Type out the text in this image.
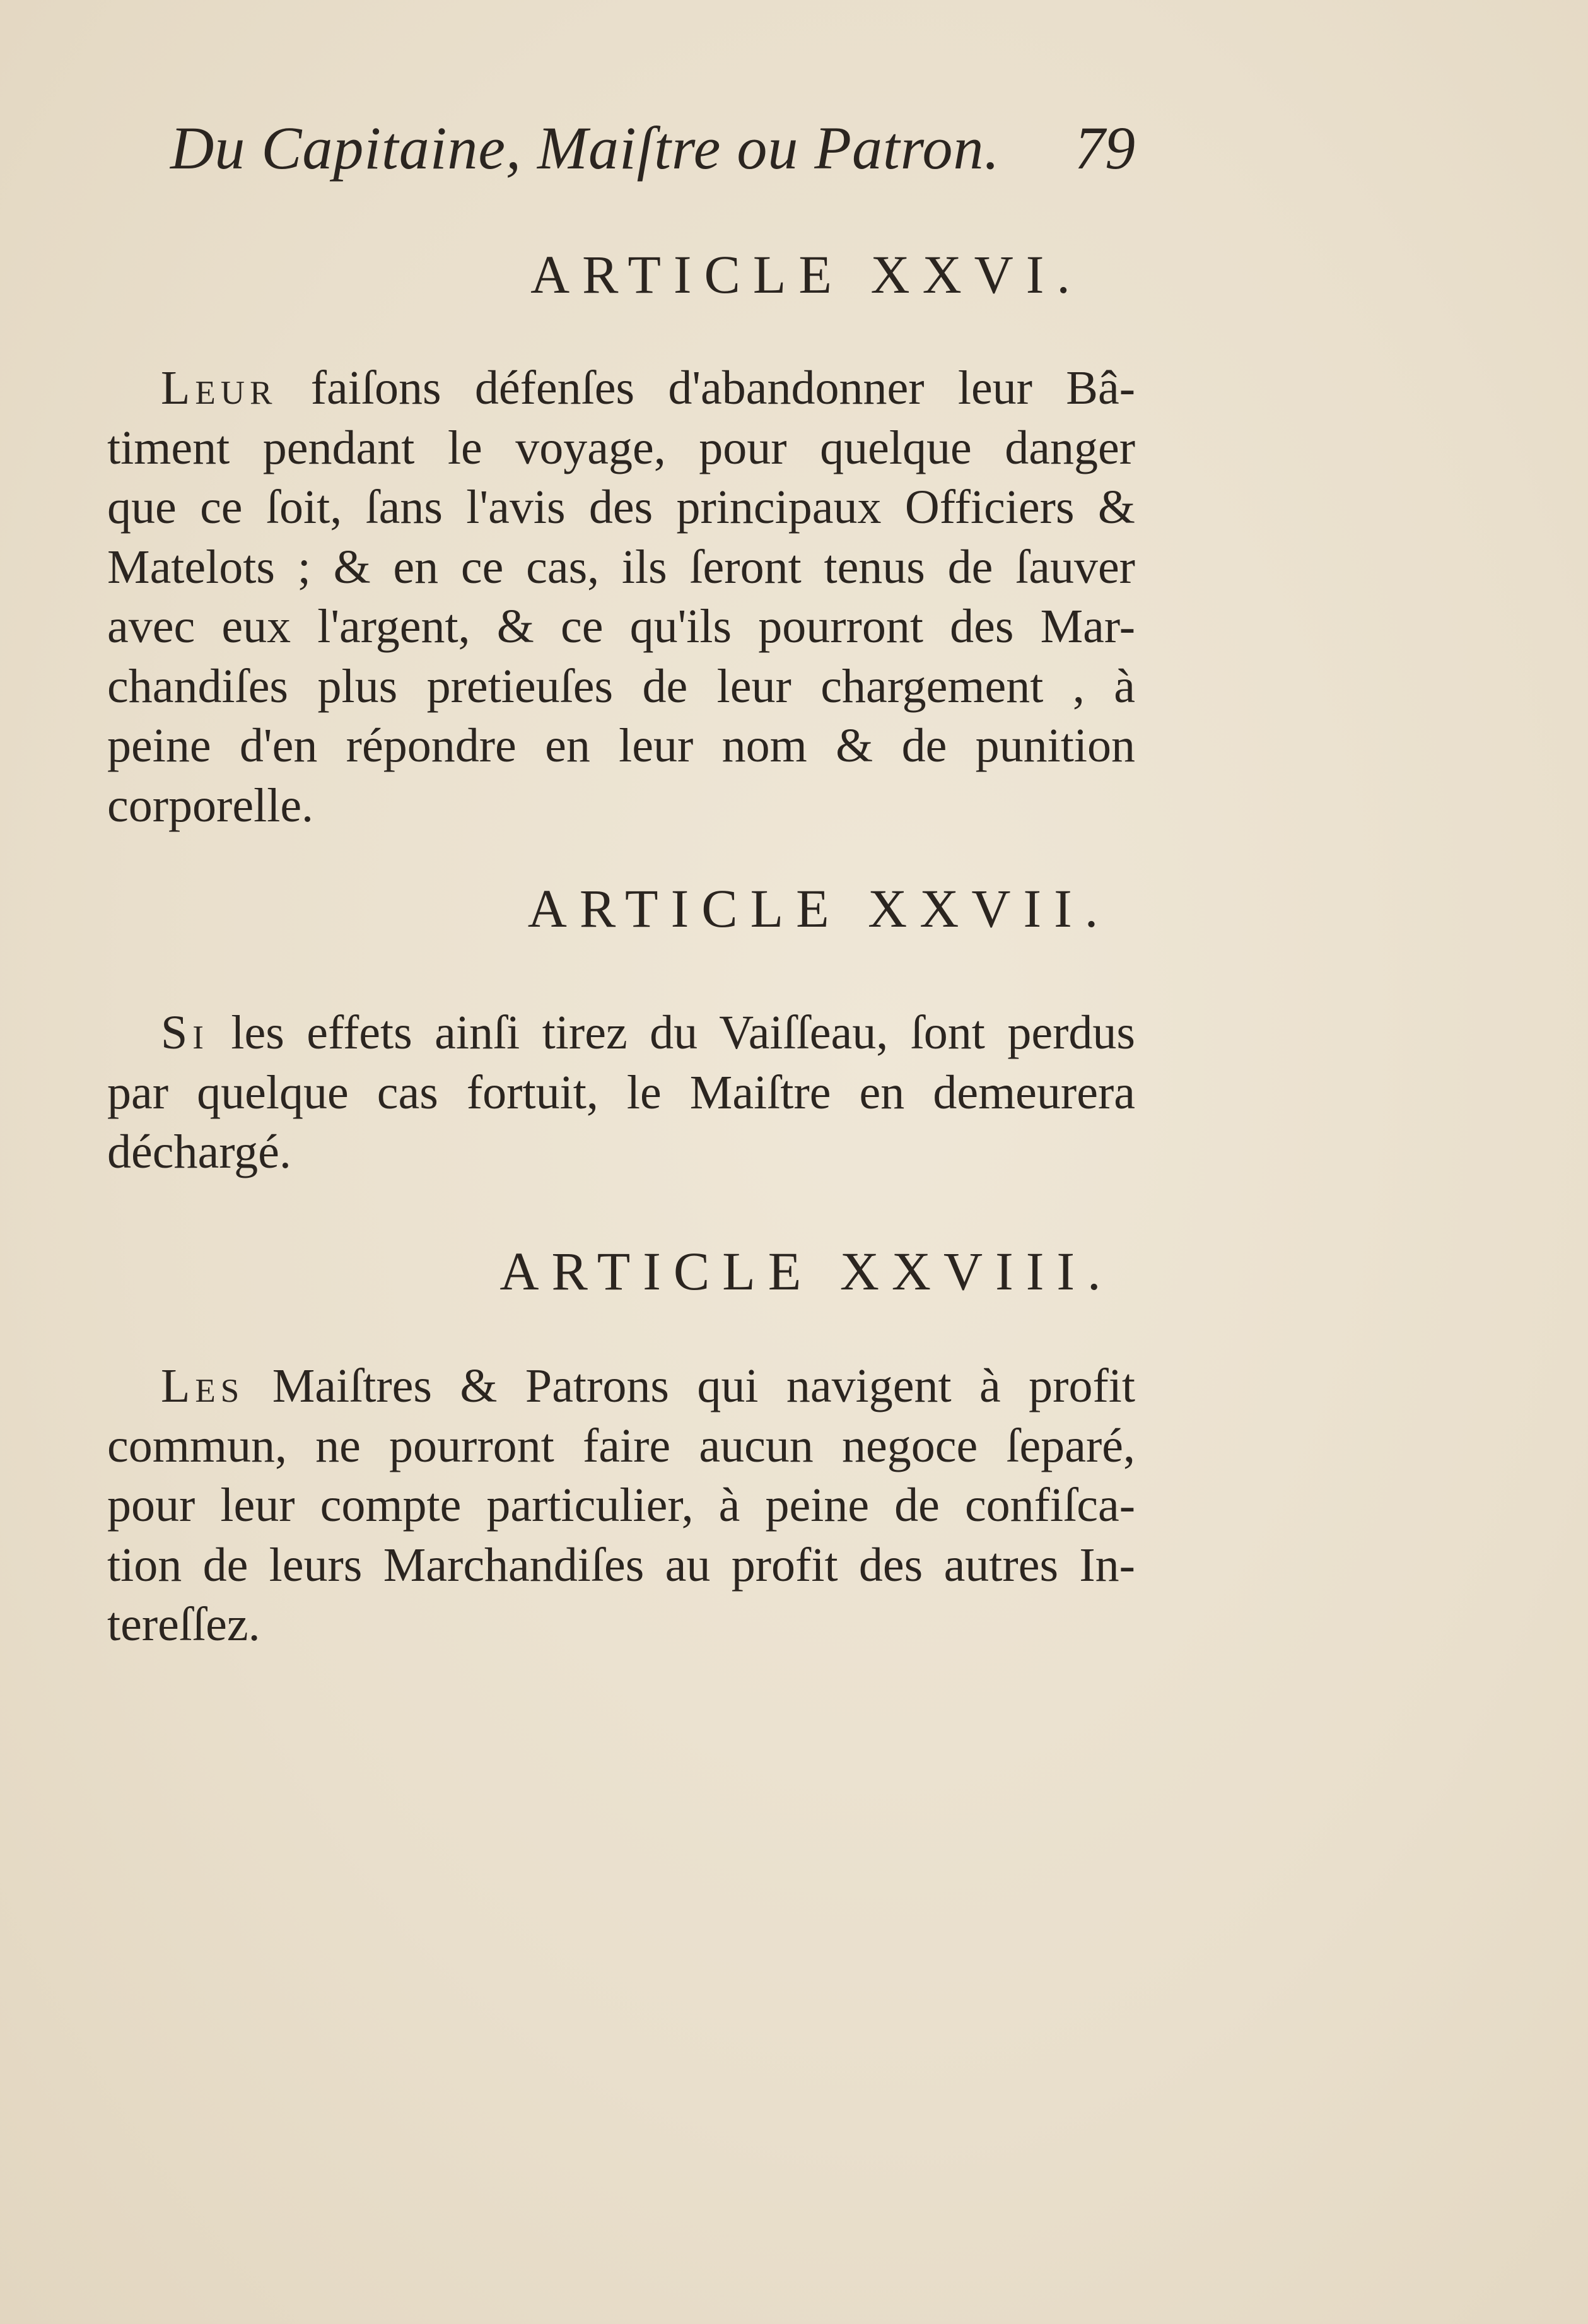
Du Capitaine, Maiſtre ou Patron. 79
ARTICLE XXVI.
Leur faiſons défenſes d'abandonner leur Bâ-
timent pendant le voyage, pour quelque danger
que ce ſoit, ſans l'avis des principaux Officiers &
Matelots ; & en ce cas, ils ſeront tenus de ſauver
avec eux l'argent, & ce qu'ils pourront des Mar-
chandiſes plus pretieuſes de leur chargement , à
peine d'en répondre en leur nom & de punition
corporelle.
ARTICLE XXVII.
Si les effets ainſi tirez du Vaiſſeau, ſont perdus
par quelque cas fortuit, le Maiſtre en demeurera
déchargé.
ARTICLE XXVIII.
Les Maiſtres & Patrons qui navigent à profit
commun, ne pourront faire aucun negoce ſeparé,
pour leur compte particulier, à peine de confiſca-
tion de leurs Marchandiſes au profit des autres In-
tereſſez.
